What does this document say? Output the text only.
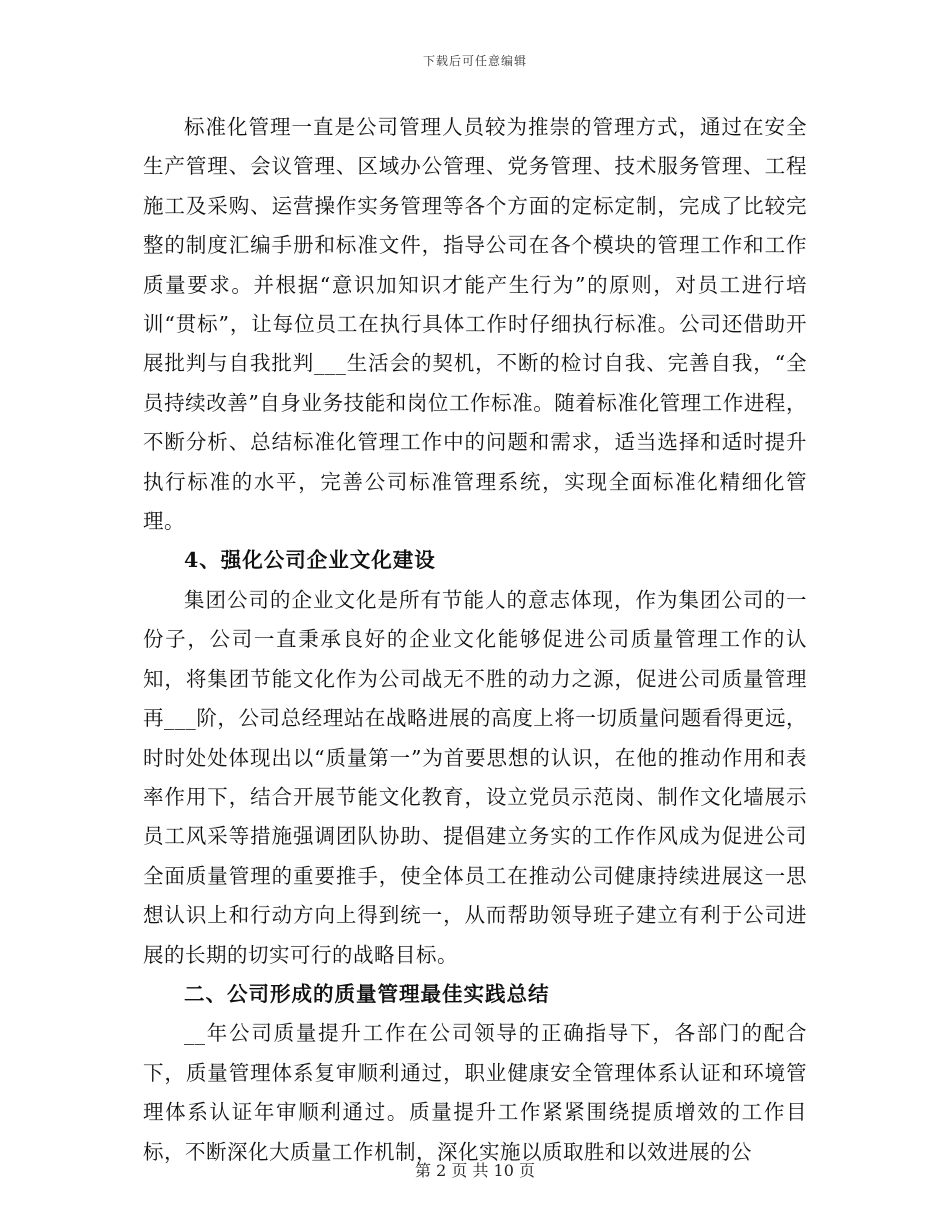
下载后可任意编辑

标准化管理一直是公司管理人员较为推崇的管理方式，通过在安全生产管理、会议管理、区域办公管理、党务管理、技术服务管理、工程施工及采购、运营操作实务管理等各个方面的定标定制，完成了比较完整的制度汇编手册和标准文件，指导公司在各个模块的管理工作和工作质量要求。并根据“意识加知识才能产生行为”的原则，对员工进行培训“贯标”，让每位员工在执行具体工作时仔细执行标准。公司还借助开展批判与自我批判___生活会的契机，不断的检讨自我、完善自我，“全员持续改善”自身业务技能和岗位工作标准。随着标准化管理工作进程，不断分析、总结标准化管理工作中的问题和需求，适当选择和适时提升执行标准的水平，完善公司标准管理系统，实现全面标准化精细化管理。

4、强化公司企业文化建设

集团公司的企业文化是所有节能人的意志体现，作为集团公司的一份子，公司一直秉承良好的企业文化能够促进公司质量管理工作的认知，将集团节能文化作为公司战无不胜的动力之源，促进公司质量管理再___阶，公司总经理站在战略进展的高度上将一切质量问题看得更远，时时处处体现出以“质量第一”为首要思想的认识，在他的推动作用和表率作用下，结合开展节能文化教育，设立党员示范岗、制作文化墙展示员工风采等措施强调团队协助、提倡建立务实的工作作风成为促进公司全面质量管理的重要推手，使全体员工在推动公司健康持续进展这一思想认识上和行动方向上得到统一，从而帮助领导班子建立有利于公司进展的长期的切实可行的战略目标。

二、公司形成的质量管理最佳实践总结

__年公司质量提升工作在公司领导的正确指导下，各部门的配合下，质量管理体系复审顺利通过，职业健康安全管理体系认证和环境管理体系认证年审顺利通过。质量提升工作紧紧围绕提质增效的工作目标，不断深化大质量工作机制，深化实施以质取胜和以效进展的公

第 2 页 共 10 页
